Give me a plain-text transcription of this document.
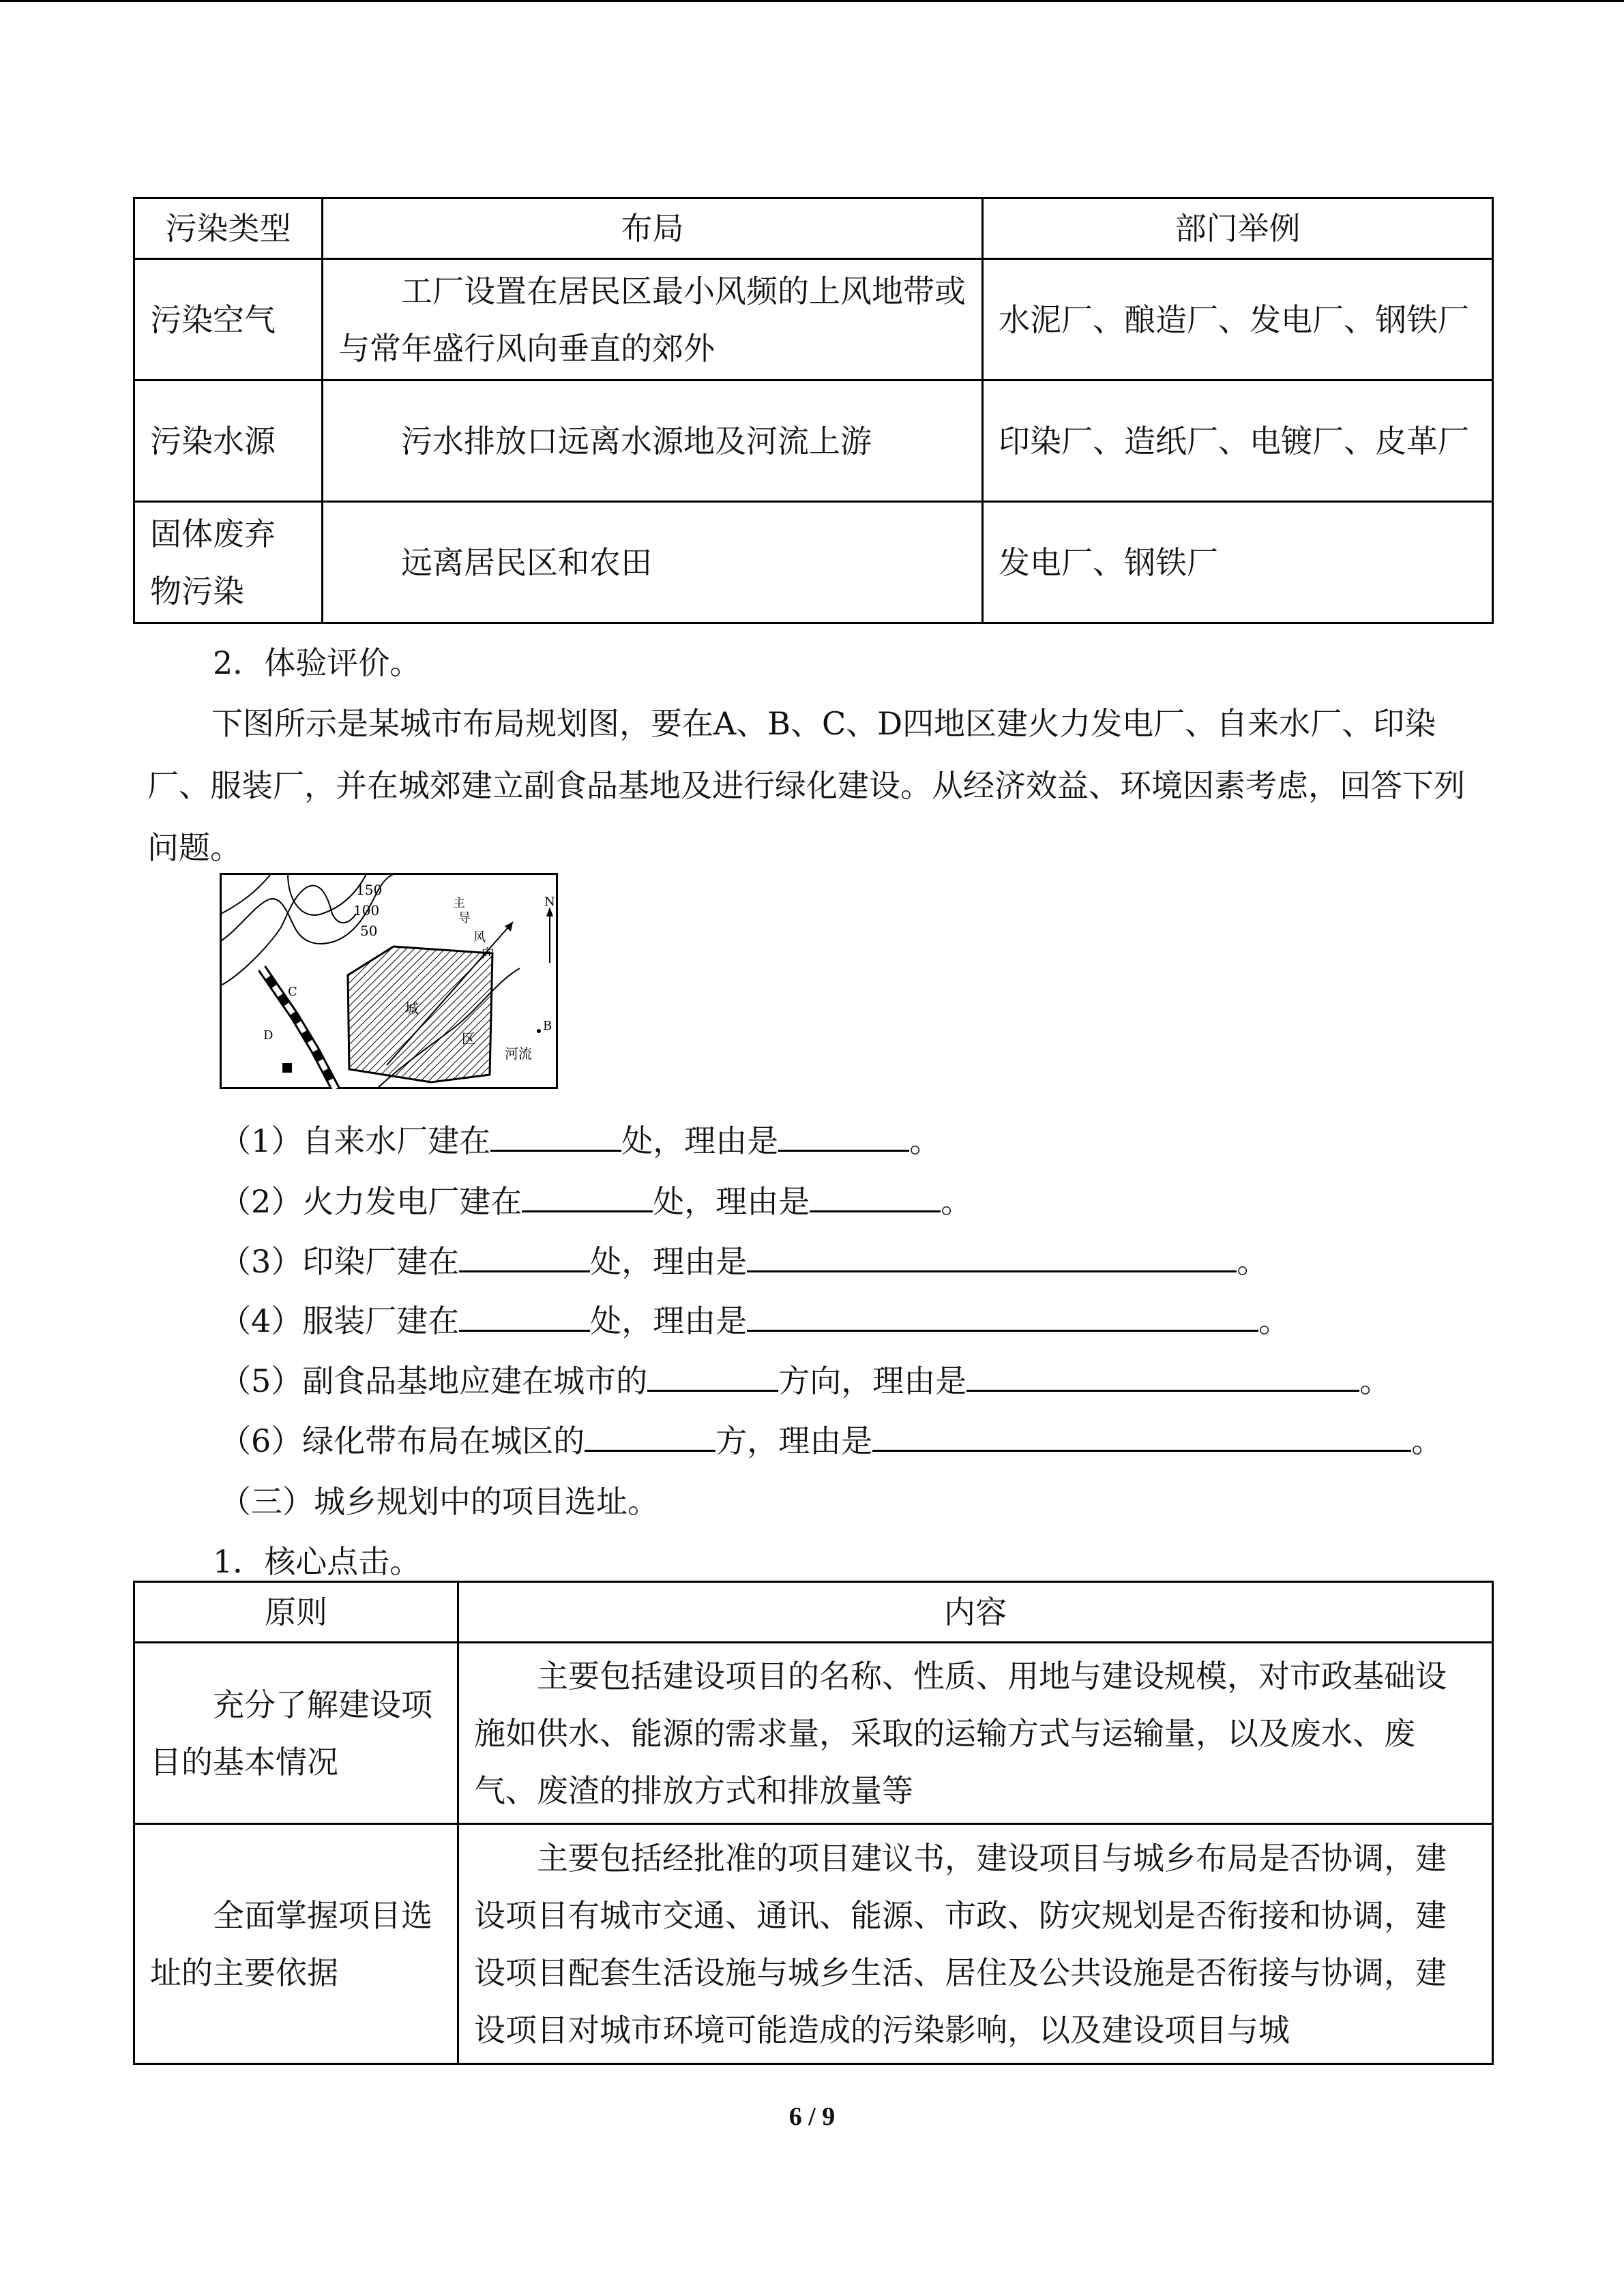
污染类型	布局	部门举例
污染空气	工厂设置在居民区最小风频的上风地带或与常年盛行风向垂直的郊外	水泥厂、酿造厂、发电厂、钢铁厂
污染水源	污水排放口远离水源地及河流上游	印染厂、造纸厂、电镀厂、皮革厂
固体废弃物污染	远离居民区和农田	发电厂、钢铁厂
2．体验评价。
下图所示是某城市布局规划图，要在A、B、C、D四地区建火力发电厂、自来水厂、印染厂、服装厂，并在城郊建立副食品基地及进行绿化建设。从经济效益、环境因素考虑，回答下列问题。
150
100
50
城
区
河流
B
主
导
风
向
N
C
D
（1）自来水厂建在	处，理由是	。
（2）火力发电厂建在	处，理由是	。
（3）印染厂建在	处，理由是	。
（4）服装厂建在	处，理由是	。
（5）副食品基地应建在城市的	方向，理由是	。
（6）绿化带布局在城区的	方，理由是	。
（三）城乡规划中的项目选址。
1．核心点击。
原则	内容
充分了解建设项目的基本情况	主要包括建设项目的名称、性质、用地与建设规模，对市政基础设施如供水、能源的需求量，采取的运输方式与运输量，以及废水、废气、废渣的排放方式和排放量等
全面掌握项目选址的主要依据	主要包括经批准的项目建议书，建设项目与城乡布局是否协调，建设项目有城市交通、通讯、能源、市政、防灾规划是否衔接和协调，建设项目配套生活设施与城乡生活、居住及公共设施是否衔接与协调，建设项目对城市环境可能造成的污染影响，以及建设项目与城
6 / 9
